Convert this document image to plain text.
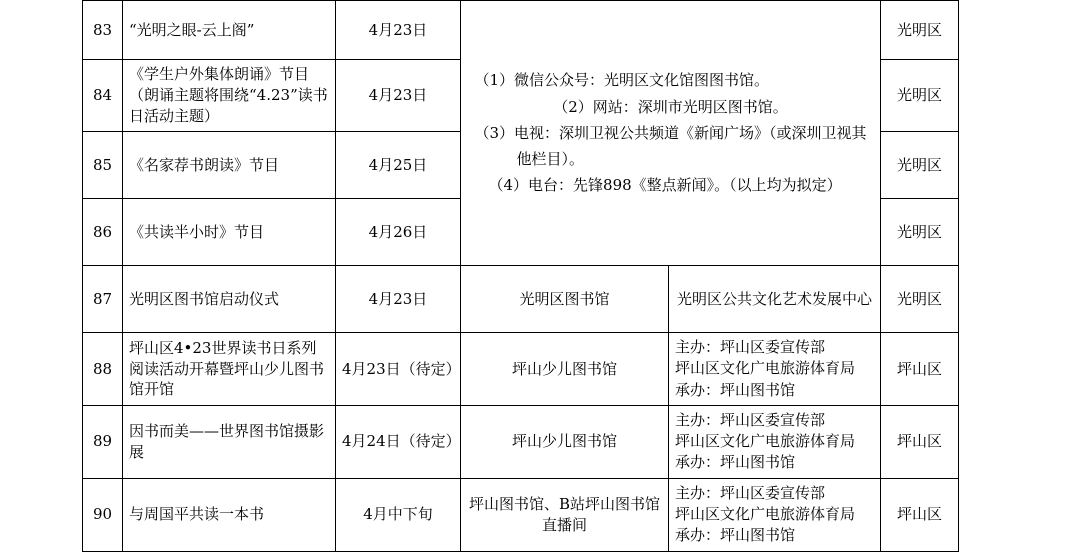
83	“光明之眼-云上阁”	4月23日	（1）微信公众号：光明区文化馆图图书馆。
（2）网站：深圳市光明区图书馆。
（3）电视：深圳卫视公共频道《新闻广场》（或深圳卫视其
他栏目）。
（4）电台：先锋898《整点新闻》。（以上均为拟定）		光明区
84	《学生户外集体朗诵》节目（朗诵主题将围绕“4.23”读书日活动主题）	4月23日			光明区
85	《名家荐书朗读》节目	4月25日			光明区
86	《共读半小时》节目	4月26日			光明区
87	光明区图书馆启动仪式	4月23日	光明区图书馆	光明区公共文化艺术发展中心	光明区
88	坪山区4•23世界读书日系列阅读活动开幕暨坪山少儿图书馆开馆	4月23日（待定）	坪山少儿图书馆	主办：坪山区委宣传部
坪山区文化广电旅游体育局
承办：坪山图书馆	坪山区
89	因书而美——世界图书馆摄影展	4月24日（待定）	坪山少儿图书馆	主办：坪山区委宣传部
坪山区文化广电旅游体育局
承办：坪山图书馆	坪山区
90	与周国平共读一本书	4月中下旬	坪山图书馆、B站坪山图书馆 直播间	主办：坪山区委宣传部
坪山区文化广电旅游体育局
承办：坪山图书馆	坪山区
